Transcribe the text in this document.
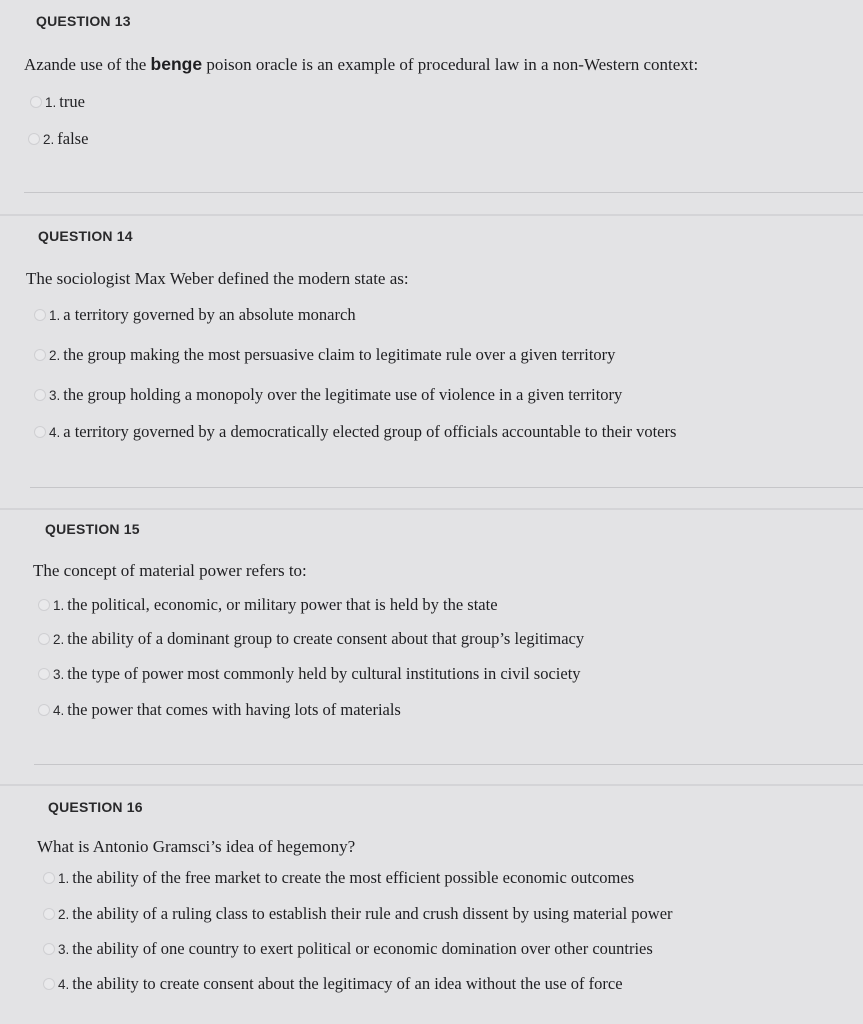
QUESTION 13
Azande use of the benge poison oracle is an example of procedural law in a non-Western context:
1. true
2. false
QUESTION 14
The sociologist Max Weber defined the modern state as:
1. a territory governed by an absolute monarch
2. the group making the most persuasive claim to legitimate rule over a given territory
3. the group holding a monopoly over the legitimate use of violence in a given territory
4. a territory governed by a democratically elected group of officials accountable to their voters
QUESTION 15
The concept of material power refers to:
1. the political, economic, or military power that is held by the state
2. the ability of a dominant group to create consent about that group’s legitimacy
3. the type of power most commonly held by cultural institutions in civil society
4. the power that comes with having lots of materials
QUESTION 16
What is Antonio Gramsci’s idea of hegemony?
1. the ability of the free market to create the most efficient possible economic outcomes
2. the ability of a ruling class to establish their rule and crush dissent by using material power
3. the ability of one country to exert political or economic domination over other countries
4. the ability to create consent about the legitimacy of an idea without the use of force
